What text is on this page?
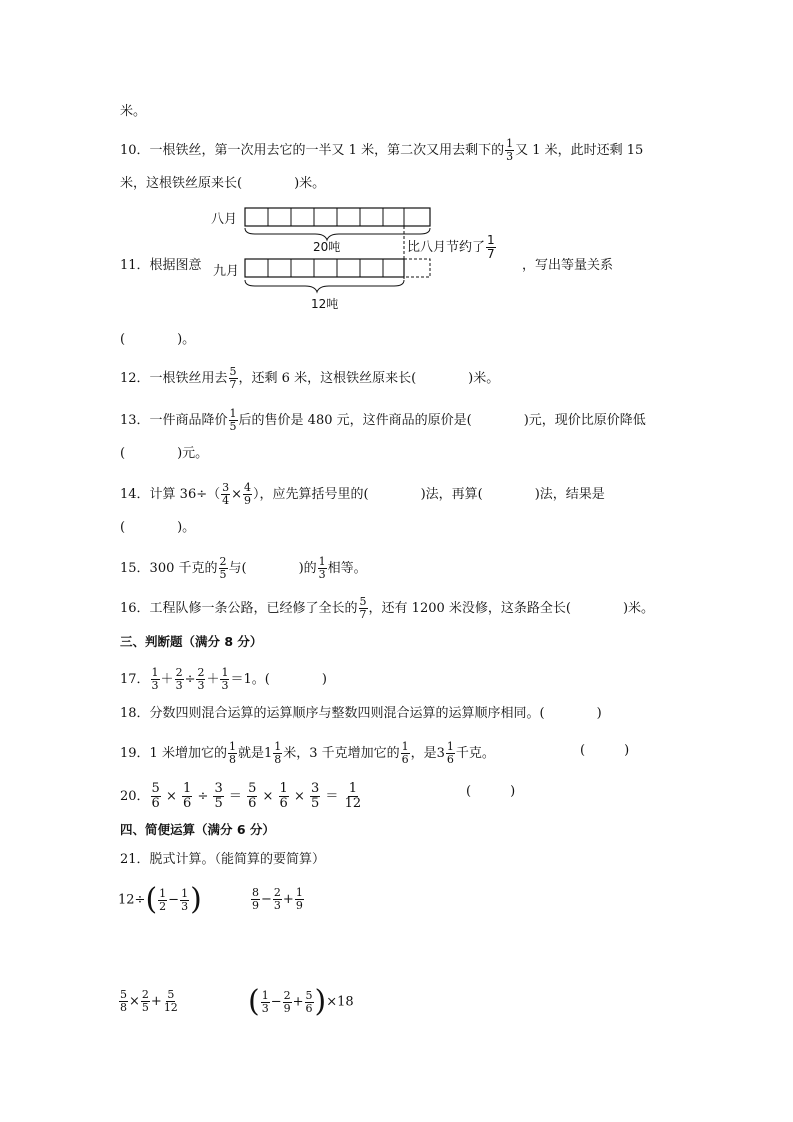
米。
10．一根铁丝，第一次用去它的一半又 1 米，第二次又用去剩下的 $\frac{1}{3}$ 又 1 米，此时还剩 15
米，这根铁丝原来长(　　　　)米。
11．根据图意
八月
九月
20吨
12吨
比八月节约了 $\frac{1}{7}$
，写出等量关系
(　　　　)。
12．一根铁丝用去 $\frac{5}{7}$ ，还剩 6 米，这根铁丝原来长(　　　　)米。
13．一件商品降价 $\frac{1}{5}$ 后的售价是 480 元，这件商品的原价是(　　　　)元，现价比原价降低
(　　　　)元。
14．计算 $36\div( \frac{3}{4} \times \frac{4}{9}$ ），应先算括号里的(　　　　)法，再算(　　　　)法，结果是
(　　　　)。
15．300 千克的 $\frac{2}{5}$ 与(　　　　)的 $\frac{1}{3}$ 相等。
16．工程队修一条公路，已经修了全长的 $\frac{5}{7}$ ，还有 1200 米没修，这条路全长(　　　　)米。
三、判断题（满分 8 分）
17． $\frac{1}{3} + \frac{2}{3} \div \frac{2}{3} + \frac{1}{3} =1$。(　　　　)
18．分数四则混合运算的运算顺序与整数四则混合运算的运算顺序相同。(　　　　)
19．1 米增加它的 $\frac{1}{8}$ 就是$1 \frac{1}{8}$ 米，3 千克增加它的 $\frac{1}{6}$ ，是$3 \frac{1}{6}$ 千克。	(　　　)
20． $\frac{5}{6} \times \frac{1}{6} \div \frac{3}{5} = \frac{5}{6} \times \frac{1}{6} \times \frac{3}{5} = \frac{1}{12}$	(　　　)
四、简便运算（满分 6 分）
21．脱式计算。（能简算的要简算）
$12\div( \frac{1}{2} - \frac{1}{3}$ )	$\frac{8}{9} - \frac{2}{3} + \frac{1}{9}$
$\frac{5}{8} \times \frac{2}{5} + \frac{5}{12}$ ( $\frac{1}{3} - \frac{2}{9} + \frac{5}{6} )\times 18$
